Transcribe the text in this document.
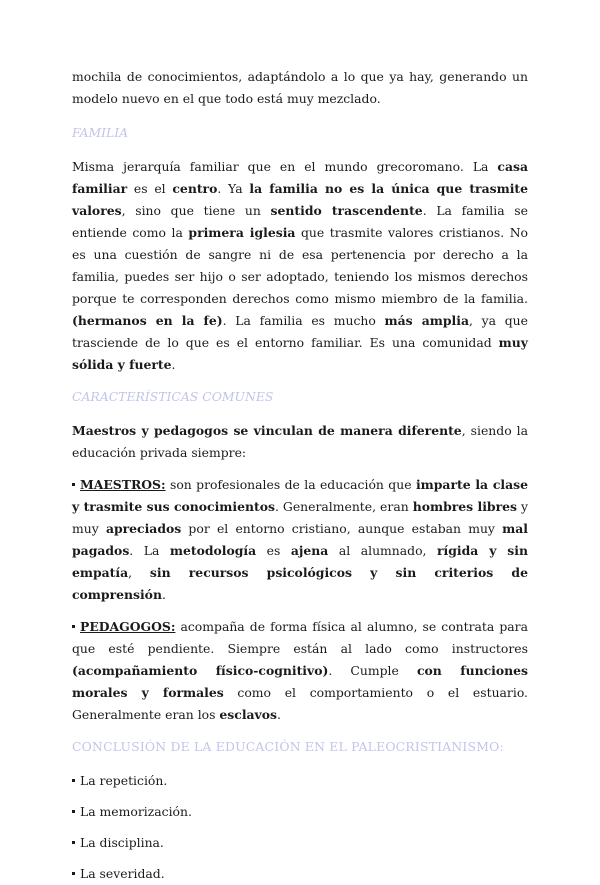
mochila de conocimientos, adaptándolo a lo que ya hay, generando un modelo nuevo en el que todo está muy mezclado.

FAMILIA

Misma jerarquía familiar que en el mundo grecoromano. La casa familiar es el centro. Ya la familia no es la única que trasmite valores, sino que tiene un sentido trascendente. La familia se entiende como la primera iglesia que trasmite valores cristianos. No es una cuestión de sangre ni de esa pertenencia por derecho a la familia, puedes ser hijo o ser adoptado, teniendo los mismos derechos porque te corresponden derechos como mismo miembro de la familia. (hermanos en la fe). La familia es mucho más amplia, ya que trasciende de lo que es el entorno familiar. Es una comunidad muy sólida y fuerte.

CARACTERÍSTICAS COMUNES

Maestros y pedagogos se vinculan de manera diferente, siendo la educación privada siempre:

MAESTROS: son profesionales de la educación que imparte la clase y trasmite sus conocimientos. Generalmente, eran hombres libres y muy apreciados por el entorno cristiano, aunque estaban muy mal pagados. La metodología es ajena al alumnado, rígida y sin empatía, sin recursos psicológicos y sin criterios de comprensión.

PEDAGOGOS: acompaña de forma física al alumno, se contrata para que esté pendiente. Siempre están al lado como instructores (acompañamiento físico-cognitivo). Cumple con funciones morales y formales como el comportamiento o el estuario. Generalmente eran los esclavos.

CONCLUSIÓN DE LA EDUCACIÓN EN EL PALEOCRISTIANISMO:
La repetición.
La memorización.
La disciplina.
La severidad.
